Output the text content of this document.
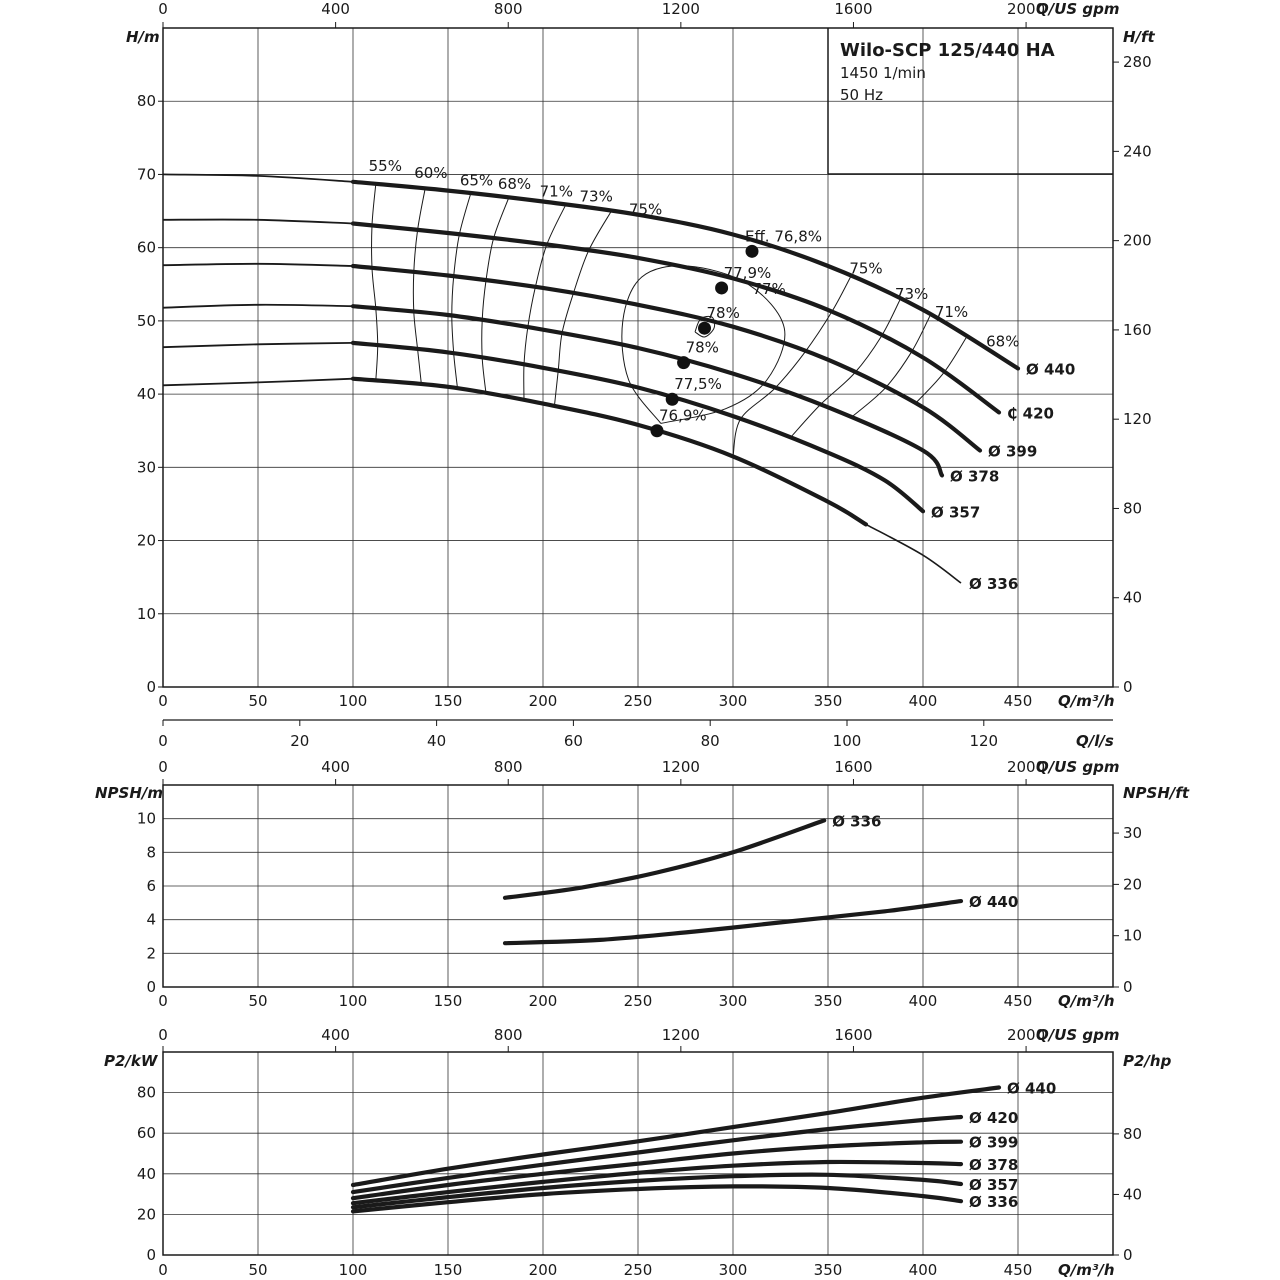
55% 60% 65% 68% 71% 73%
75%
75%
73%
71%
68%
77%
Ø 440
₵ 420
Ø 399
Ø 378
Ø 357
Ø 336
Eff. 76,8%
77,9%
78%
78%
77,5%
76,9%
0
10
20
30
40
50
60
70
80
0
40
80
120
160
200
240
280
0	50	100	150	200	250	300	350	400	450
0	400	800	1200	1600	2000
H/m	H/ft
Q/US gpm
Q/m³/h
Wilo-SCP 125/440 HA
1450 1/min
50 Hz
Q/l/s
0	20	40	60	80	100	120
Ø 336
Ø 440
0
2
4
6
8
10
0
10
20
30
0	50	100	150	200	250	300	350	400	450
0	400	800	1200	1600	2000
NPSH/m	NPSH/ft
Q/US gpm
Q/m³/h
Ø 440
Ø 420
Ø 399
Ø 378
Ø 357
Ø 336
0
20
40
60
80
0
40
80
0	50	100	150	200	250	300	350	400	450
0	400	800	1200	1600	2000
P2/kW	P2/hp
Q/US gpm
Q/m³/h
